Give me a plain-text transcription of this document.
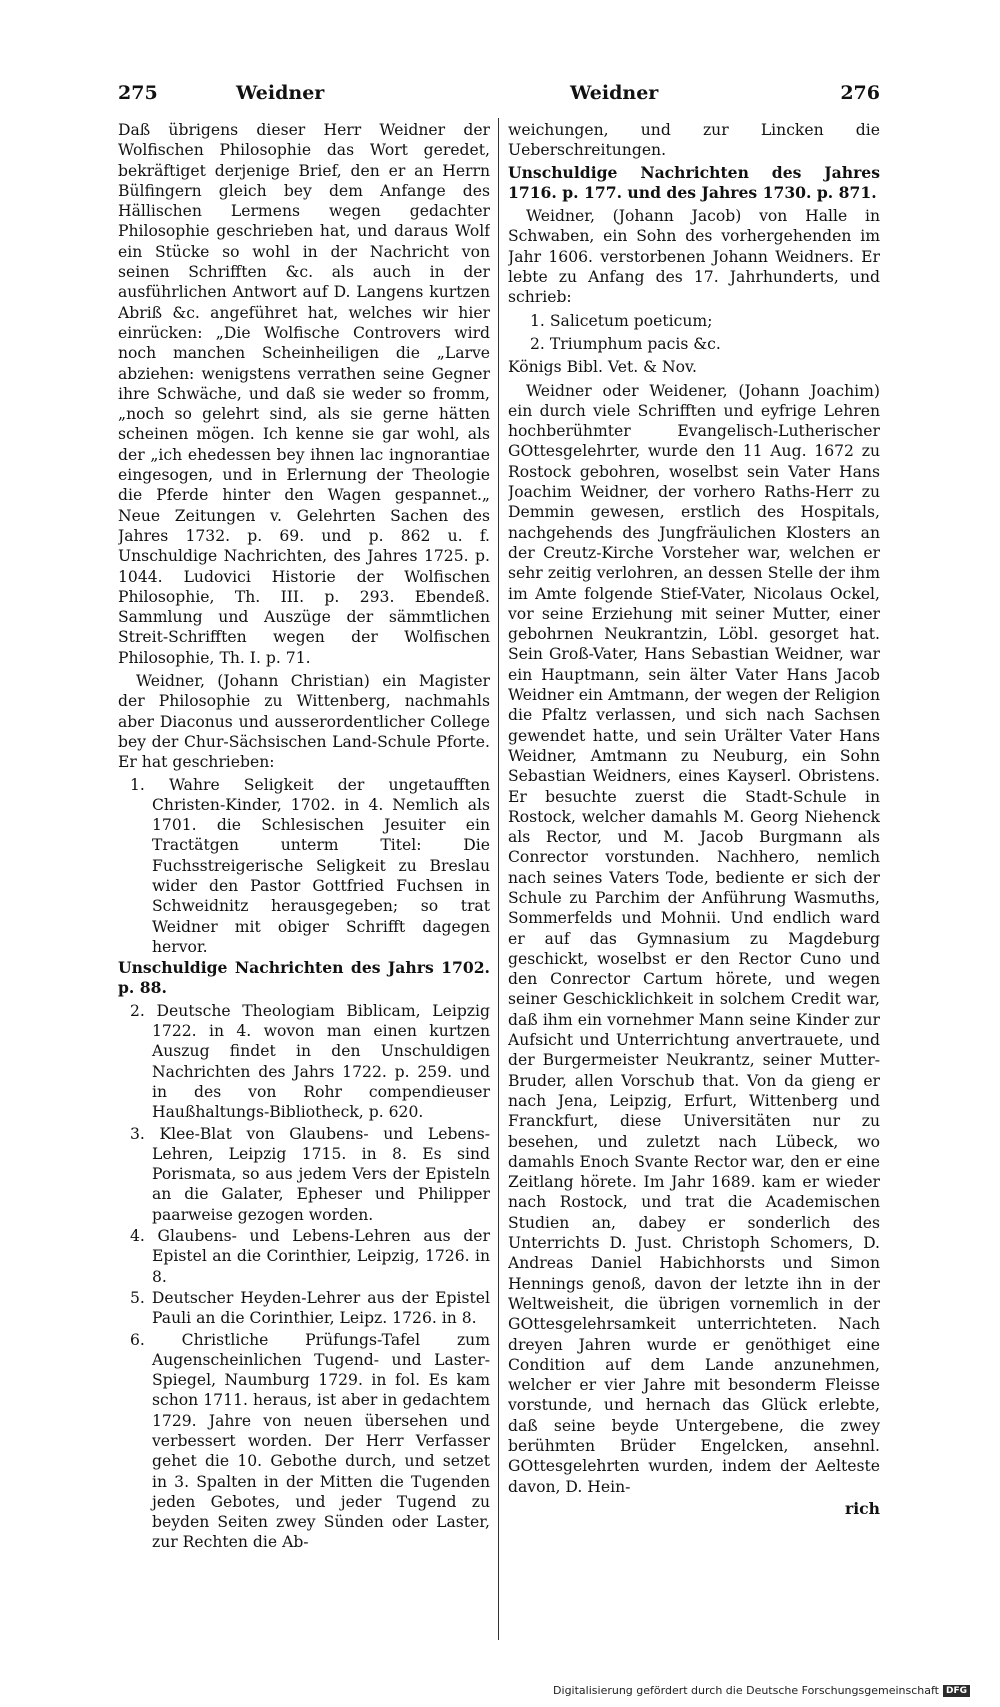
275	Weidner	Weidner	276

Daß übrigens dieser Herr Weidner der Wolfischen Philosophie das Wort geredet, bekräftiget derjenige Brief, den er an Herrn Bülfingern gleich bey dem Anfange des Hällischen Lermens wegen gedachter Philosophie geschrieben hat, und daraus Wolf ein Stücke so wohl in der Nachricht von seinen Schrifften &c. als auch in der ausführlichen Antwort auf D. Langens kurtzen Abriß &c. angeführet hat, welches wir hier einrücken: „Die Wolfische Controvers wird noch manchen Scheinheiligen die „Larve abziehen: wenigstens verrathen seine Gegner ihre Schwäche, und daß sie weder so fromm, „noch so gelehrt sind, als sie gerne hätten scheinen mögen. Ich kenne sie gar wohl, als der „ich ehedessen bey ihnen lac ingnorantiae eingesogen, und in Erlernung der Theologie die Pferde hinter den Wagen gespannet.„ Neue Zeitungen v. Gelehrten Sachen des Jahres 1732. p. 69. und p. 862 u. f. Unschuldige Nachrichten, des Jahres 1725. p. 1044. Ludovici Historie der Wolfischen Philosophie, Th. III. p. 293. Ebendeß. Sammlung und Auszüge der sämmtlichen Streit-Schrifften wegen der Wolfischen Philosophie, Th. I. p. 71.

Weidner, (Johann Christian) ein Magister der Philosophie zu Wittenberg, nachmahls aber Diaconus und ausserordentlicher College bey der Chur-Sächsischen Land-Schule Pforte. Er hat geschrieben:

1. Wahre Seligkeit der ungetaufften Christen-Kinder, 1702. in 4. Nemlich als 1701. die Schlesischen Jesuiter ein Tractätgen unterm Titel: Die Fuchsstreigerische Seligkeit zu Breslau wider den Pastor Gottfried Fuchsen in Schweidnitz herausgegeben; so trat Weidner mit obiger Schrifft dagegen hervor.

Unschuldige Nachrichten des Jahrs 1702. p. 88.

2. Deutsche Theologiam Biblicam, Leipzig 1722. in 4. wovon man einen kurtzen Auszug findet in den Unschuldigen Nachrichten des Jahrs 1722. p. 259. und in des von Rohr compendieuser Haußhaltungs-Bibliotheck, p. 620.
3. Klee-Blat von Glaubens- und Lebens-Lehren, Leipzig 1715. in 8. Es sind Porismata, so aus jedem Vers der Episteln an die Galater, Epheser und Philipper paarweise gezogen worden.
4. Glaubens- und Lebens-Lehren aus der Epistel an die Corinthier, Leipzig, 1726. in 8.
5. Deutscher Heyden-Lehrer aus der Epistel Pauli an die Corinthier, Leipz. 1726. in 8.
6. Christliche Prüfungs-Tafel zum Augenscheinlichen Tugend- und Laster-Spiegel, Naumburg 1729. in fol. Es kam schon 1711. heraus, ist aber in gedachtem 1729. Jahre von neuen übersehen und verbessert worden. Der Herr Verfasser gehet die 10. Gebothe durch, und setzet in 3. Spalten in der Mitten die Tugenden jeden Gebotes, und jeder Tugend zu beyden Seiten zwey Sünden oder Laster, zur Rechten die Ab-

weichungen, und zur Lincken die Ueberschreitungen.

Unschuldige Nachrichten des Jahres 1716. p. 177. und des Jahres 1730. p. 871.

Weidner, (Johann Jacob) von Halle in Schwaben, ein Sohn des vorhergehenden im Jahr 1606. verstorbenen Johann Weidners. Er lebte zu Anfang des 17. Jahrhunderts, und schrieb:

1. Salicetum poeticum;
2. Triumphum pacis &c.

Königs Bibl. Vet. & Nov.

Weidner oder Weidener, (Johann Joachim) ein durch viele Schrifften und eyfrige Lehren hochberühmter Evangelisch-Lutherischer GOttesgelehrter, wurde den 11 Aug. 1672 zu Rostock gebohren, woselbst sein Vater Hans Joachim Weidner, der vorhero Raths-Herr zu Demmin gewesen, erstlich des Hospitals, nachgehends des Jungfräulichen Klosters an der Creutz-Kirche Vorsteher war, welchen er sehr zeitig verlohren, an dessen Stelle der ihm im Amte folgende Stief-Vater, Nicolaus Ockel, vor seine Erziehung mit seiner Mutter, einer gebohrnen Neukrantzin, Löbl. gesorget hat. Sein Groß-Vater, Hans Sebastian Weidner, war ein Hauptmann, sein älter Vater Hans Jacob Weidner ein Amtmann, der wegen der Religion die Pfaltz verlassen, und sich nach Sachsen gewendet hatte, und sein Urälter Vater Hans Weidner, Amtmann zu Neuburg, ein Sohn Sebastian Weidners, eines Kayserl. Obristens. Er besuchte zuerst die Stadt-Schule in Rostock, welcher damahls M. Georg Niehenck als Rector, und M. Jacob Burgmann als Conrector vorstunden. Nachhero, nemlich nach seines Vaters Tode, bediente er sich der Schule zu Parchim der Anführung Wasmuths, Sommerfelds und Mohnii. Und endlich ward er auf das Gymnasium zu Magdeburg geschickt, woselbst er den Rector Cuno und den Conrector Cartum hörete, und wegen seiner Geschicklichkeit in solchem Credit war, daß ihm ein vornehmer Mann seine Kinder zur Aufsicht und Unterrichtung anvertrauete, und der Burgermeister Neukrantz, seiner Mutter-Bruder, allen Vorschub that. Von da gieng er nach Jena, Leipzig, Erfurt, Wittenberg und Franckfurt, diese Universitäten nur zu besehen, und zuletzt nach Lübeck, wo damahls Enoch Svante Rector war, den er eine Zeitlang hörete. Im Jahr 1689. kam er wieder nach Rostock, und trat die Academischen Studien an, dabey er sonderlich des Unterrichts D. Just. Christoph Schomers, D. Andreas Daniel Habichhorsts und Simon Hennings genoß, davon der letzte ihn in der Weltweisheit, die übrigen vornemlich in der GOttesgelehrsamkeit unterrichteten. Nach dreyen Jahren wurde er genöthiget eine Condition auf dem Lande anzunehmen, welcher er vier Jahre mit besonderm Fleisse vorstunde, und hernach das Glück erlebte, daß seine beyde Untergebene, die zwey berühmten Brüder Engelcken, ansehnl. GOttesgelehrten wurden, indem der Aelteste davon, D. Hein-

rich

Digitalisierung gefördert durch die Deutsche Forschungsgemeinschaft DFG
